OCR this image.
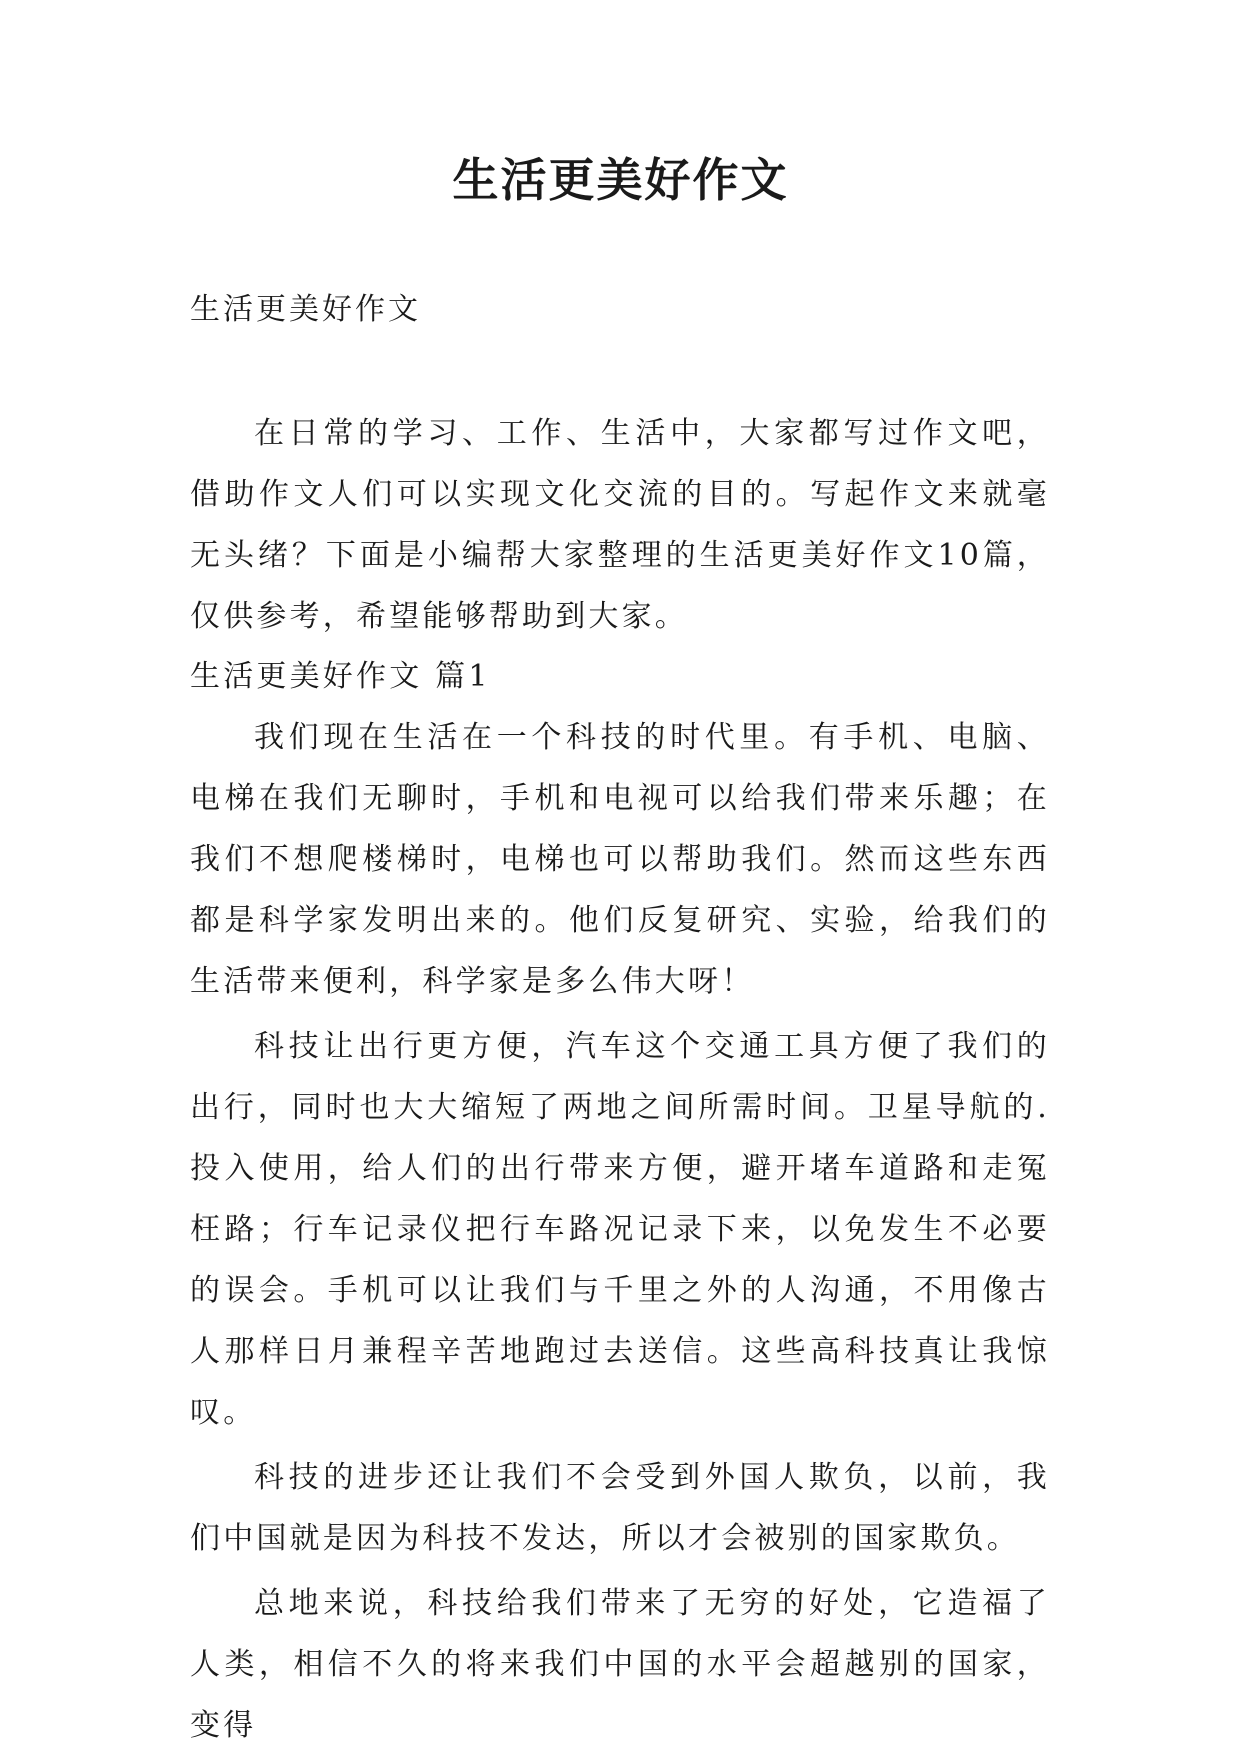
生活更美好作文

生活更美好作文

在日常的学习、工作、生活中，大家都写过作文吧，借助作文人们可以实现文化交流的目的。写起作文来就毫无头绪？下面是小编帮大家整理的生活更美好作文10篇，仅供参考，希望能够帮助到大家。

生活更美好作文 篇1

我们现在生活在一个科技的时代里。有手机、电脑、电梯在我们无聊时，手机和电视可以给我们带来乐趣；在我们不想爬楼梯时，电梯也可以帮助我们。然而这些东西都是科学家发明出来的。他们反复研究、实验，给我们的生活带来便利，科学家是多么伟大呀！

科技让出行更方便，汽车这个交通工具方便了我们的出行，同时也大大缩短了两地之间所需时间。卫星导航的.投入使用，给人们的出行带来方便，避开堵车道路和走冤枉路；行车记录仪把行车路况记录下来，以免发生不必要的误会。手机可以让我们与千里之外的人沟通，不用像古人那样日月兼程辛苦地跑过去送信。这些高科技真让我惊叹。

科技的进步还让我们不会受到外国人欺负，以前，我们中国就是因为科技不发达，所以才会被别的国家欺负。

总地来说，科技给我们带来了无穷的好处，它造福了人类，相信不久的将来我们中国的水平会超越别的国家，变得
